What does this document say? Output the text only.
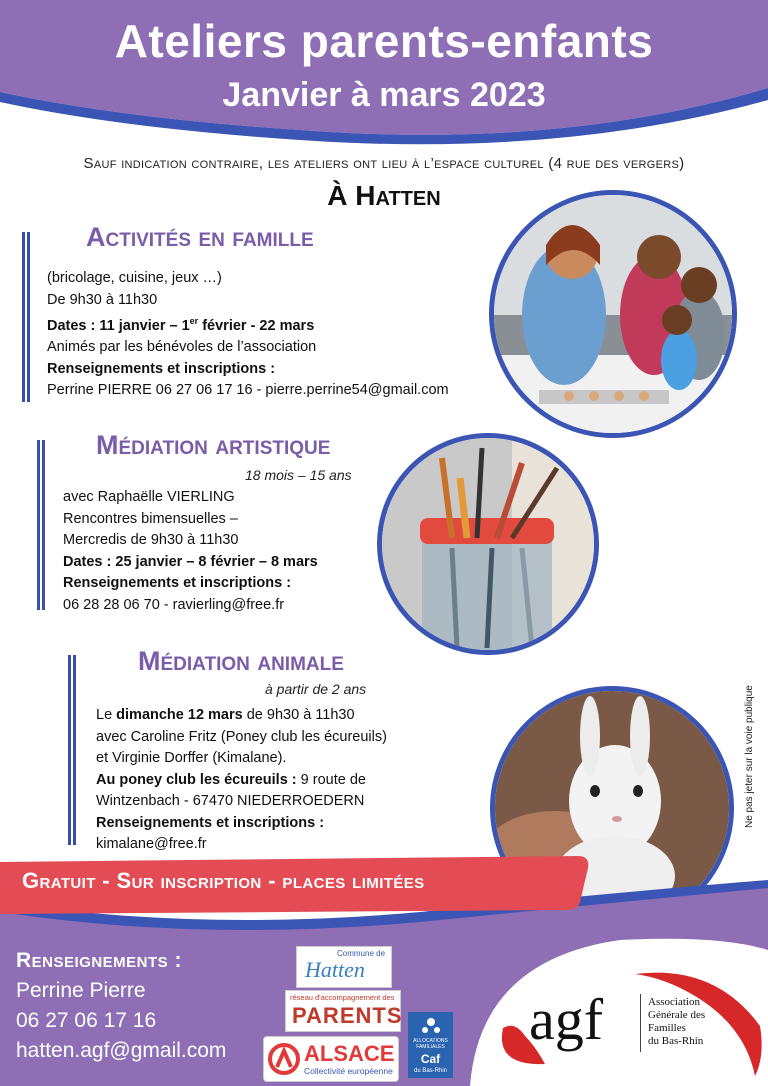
Ateliers parents-enfants
Janvier à mars 2023
Sauf indication contraire, les ateliers ont lieu à l’espace culturel (4 rue des vergers)
À Hatten
Activités en famille
(bricolage, cuisine, jeux …)
De 9h30 à 11h30
Dates : 11 janvier – 1er février - 22 mars
Animés par les bénévoles de l’association
Renseignements et inscriptions :
Perrine PIERRE 06 27 06 17 16 - pierre.perrine54@gmail.com
Médiation artistique
18 mois – 15 ans
avec Raphaëlle VIERLING
Rencontres bimensuelles –
Mercredis de 9h30 à 11h30
Dates : 25 janvier – 8 février – 8 mars
Renseignements et inscriptions :
06 28 28 06 70 - ravierling@free.fr
Médiation animale
à partir de 2 ans
Le dimanche 12 mars de 9h30 à 11h30
avec Caroline Fritz (Poney club les écureuils)
et Virginie Dorffer (Kimalane).
Au poney club les écureuils : 9 route de
Wintzenbach - 67470 NIEDERROEDERN
Renseignements et inscriptions :
kimalane@free.fr
Ne pas jeter sur la voie publique
Gratuit - Sur inscription - places limitées
Renseignements :
Perrine Pierre
06 27 06 17 16
hatten.agf@gmail.com
Commune de
Hatten
réseau d'accompagnement des
PARENTS
ALSACE
Collectivité européenne
ALLOCATIONS FAMILIALES
Caf
du Bas-Rhin
agf	Association
Générale des
Familles
du Bas-Rhin
